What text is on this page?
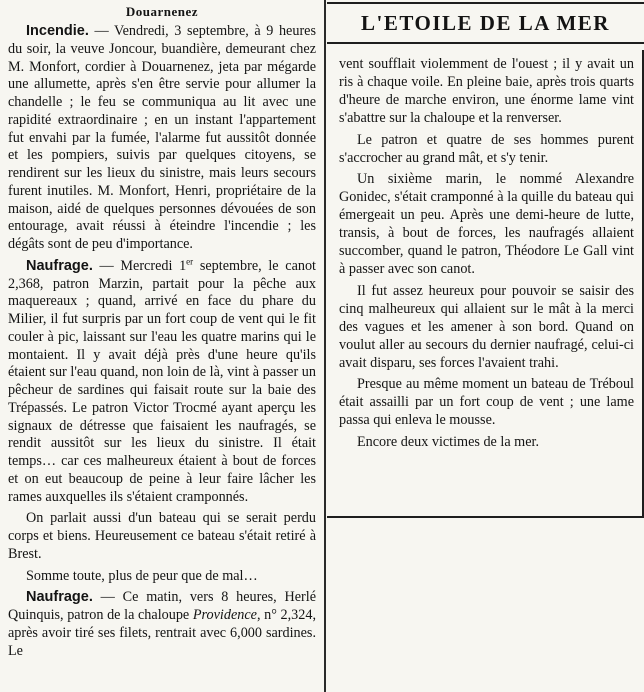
Douarnenez

Incendie. — Vendredi, 3 septembre, à 9 heures du soir, la veuve Joncour, buandière, demeurant chez M. Monfort, cordier à Douarnenez, jeta par mégarde une allumette, après s'en être servie pour allumer la chandelle ; le feu se communiqua au lit avec une rapidité extraordinaire ; en un instant l'appartement fut envahi par la fumée, l'alarme fut aussitôt donnée et les pompiers, suivis par quelques citoyens, se rendirent sur les lieux du sinistre, mais leurs secours furent inutiles. M. Monfort, Henri, propriétaire de la maison, aidé de quelques personnes dévouées de son entourage, avait réussi à éteindre l'incendie ; les dégâts sont de peu d'importance.

Naufrage. — Mercredi 1er septembre, le canot 2,368, patron Marzin, partait pour la pêche aux maquereaux ; quand, arrivé en face du phare du Milier, il fut surpris par un fort coup de vent qui le fit couler à pic, laissant sur l'eau les quatre marins qui le montaient. Il y avait déjà près d'une heure qu'ils étaient sur l'eau quand, non loin de là, vint à passer un pêcheur de sardines qui faisait route sur la baie des Trépassés. Le patron Victor Trocmé ayant aperçu les signaux de détresse que faisaient les naufragés, se rendit aussitôt sur les lieux du sinistre. Il était temps… car ces malheureux étaient à bout de forces et on eut beaucoup de peine à leur faire lâcher les rames auxquelles ils s'étaient cramponnés.

On parlait aussi d'un bateau qui se serait perdu corps et biens. Heureusement ce bateau s'était retiré à Brest.

Somme toute, plus de peur que de mal…

Naufrage. — Ce matin, vers 8 heures, Herlé Quinquis, patron de la chaloupe Providence, n° 2,324, après avoir tiré ses filets, rentrait avec 6,000 sardines. Le

L'ETOILE DE LA MER

vent soufflait violemment de l'ouest ; il y avait un ris à chaque voile. En pleine baie, après trois quarts d'heure de marche environ, une énorme lame vint s'abattre sur la chaloupe et la renverser.

Le patron et quatre de ses hommes purent s'accrocher au grand mât, et s'y tenir.

Un sixième marin, le nommé Alexandre Gonidec, s'était cramponné à la quille du bateau qui émergeait un peu. Après une demi-heure de lutte, transis, à bout de forces, les naufragés allaient succomber, quand le patron, Théodore Le Gall vint à passer avec son canot.

Il fut assez heureux pour pouvoir se saisir des cinq malheureux qui allaient sur le mât à la merci des vagues et les amener à son bord. Quand on voulut aller au secours du dernier naufragé, celui-ci avait disparu, ses forces l'avaient trahi.

Presque au même moment un bateau de Tréboul était assailli par un fort coup de vent ; une lame passa qui enleva le mousse.

Encore deux victimes de la mer.
